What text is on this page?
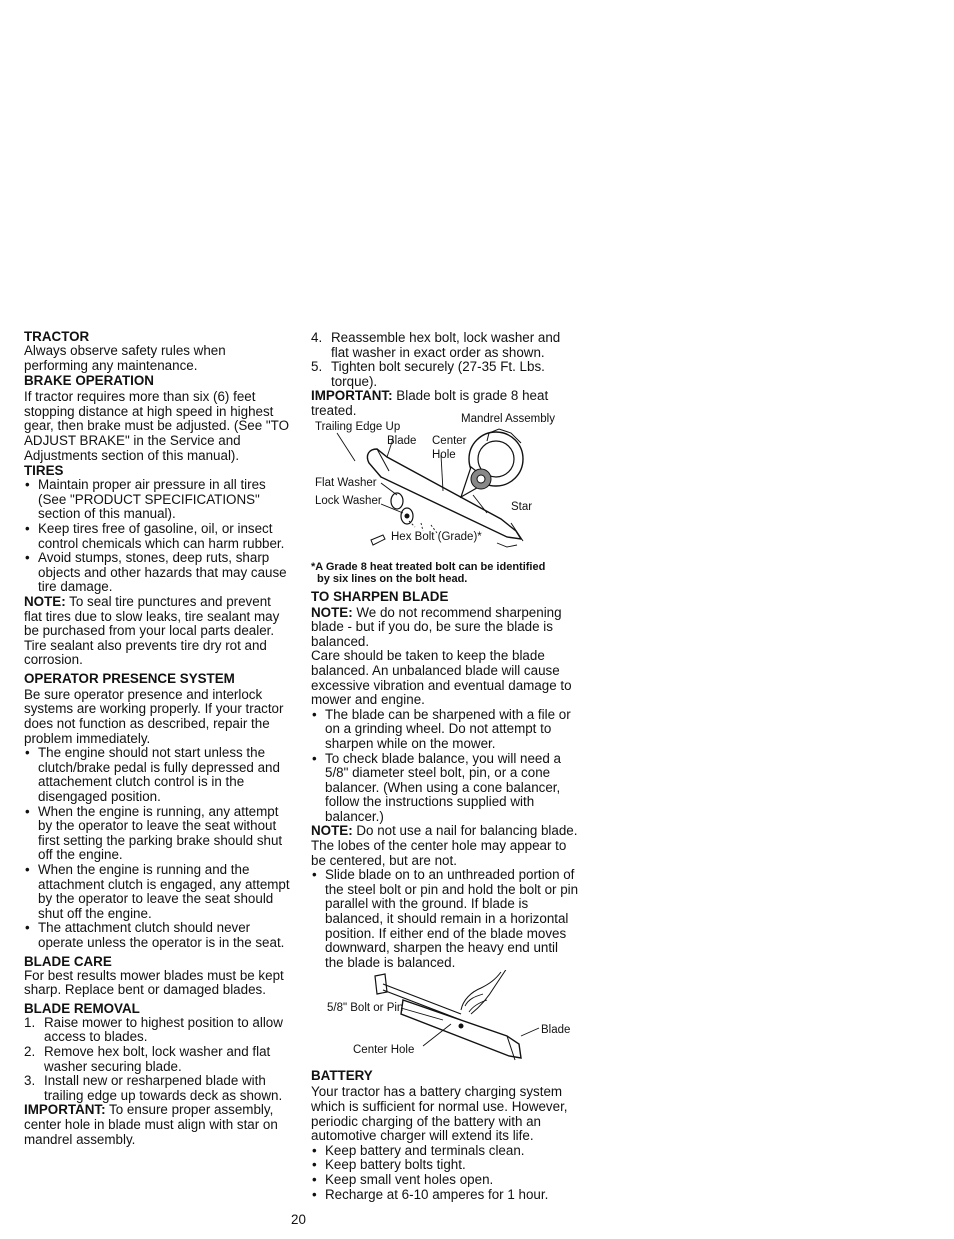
TRACTOR

Always observe safety rules when performing any maintenance.

BRAKE OPERATION

If tractor requires more than six (6) feet stopping distance at high speed in highest gear, then brake must be adjusted. (See "TO ADJUST BRAKE" in the Service and Adjustments section of this manual).

TIRES
• Maintain proper air pressure in all tires (See "PRODUCT SPECIFICATIONS" section of this manual).
• Keep tires free of gasoline, oil, or insect control chemicals which can harm rubber.
• Avoid stumps, stones, deep ruts, sharp objects and other hazards that may cause tire damage.

NOTE: To seal tire punctures and prevent flat tires due to slow leaks, tire sealant may be purchased from your local parts dealer. Tire sealant also prevents tire dry rot and corrosion.

OPERATOR PRESENCE SYSTEM

Be sure operator presence and interlock systems are working properly. If your tractor does not function as described, repair the problem immediately.

• The engine should not start unless the clutch/brake pedal is fully depressed and attachement clutch control is in the disengaged position.
• When the engine is running, any attempt by the operator to leave the seat without first setting the parking brake should shut off the engine.
• When the engine is running and the attachment clutch is engaged, any attempt by the operator to leave the seat should shut off the engine.
• The attachment clutch should never operate unless the operator is in the seat.
BLADE CARE

For best results mower blades must be kept sharp. Replace bent or damaged blades.

BLADE REMOVAL
1. Raise mower to highest position to allow access to blades.
2. Remove hex bolt, lock washer and flat washer securing blade.
3. Install new or resharpened blade with trailing edge up towards deck as shown.

IMPORTANT: To ensure proper assembly, center hole in blade must align with star on mandrel assembly.

4. Reassemble hex bolt, lock washer and flat washer in exact order as shown.
5. Tighten bolt securely (27-35 Ft. Lbs. torque).

IMPORTANT: Blade bolt is grade 8 heat treated.

Trailing Edge Up
Mandrel Assembly
Blade Center
Hole
Flat Washer
Lock Washer	Star
Hex Bolt (Grade)*

*A Grade 8 heat treated bolt can be identified

by six lines on the bolt head.

TO SHARPEN BLADE

NOTE: We do not recommend sharpening blade - but if you do, be sure the blade is balanced.

Care should be taken to keep the blade balanced. An unbalanced blade will cause excessive vibration and eventual damage to mower and engine.

• The blade can be sharpened with a file or on a grinding wheel. Do not attempt to sharpen while on the mower.
• To check blade balance, you will need a 5/8" diameter steel bolt, pin, or a cone balancer. (When using a cone balancer, follow the instructions supplied with balancer.)

NOTE: Do not use a nail for balancing blade. The lobes of the center hole may appear to be centered, but are not.

• Slide blade on to an unthreaded portion of the steel bolt or pin and hold the bolt or pin parallel with the ground. If blade is balanced, it should remain in a horizontal position. If either end of the blade moves downward, sharpen the heavy end until the blade is balanced.
5/8" Bolt or Pin
Blade
Center Hole
BATTERY

Your tractor has a battery charging system which is sufficient for normal use. However, periodic charging of the battery with an automotive charger will extend its life.

• Keep battery and terminals clean.
• Keep battery bolts tight.
• Keep small vent holes open.
• Recharge at 6-10 amperes for 1 hour.
20
